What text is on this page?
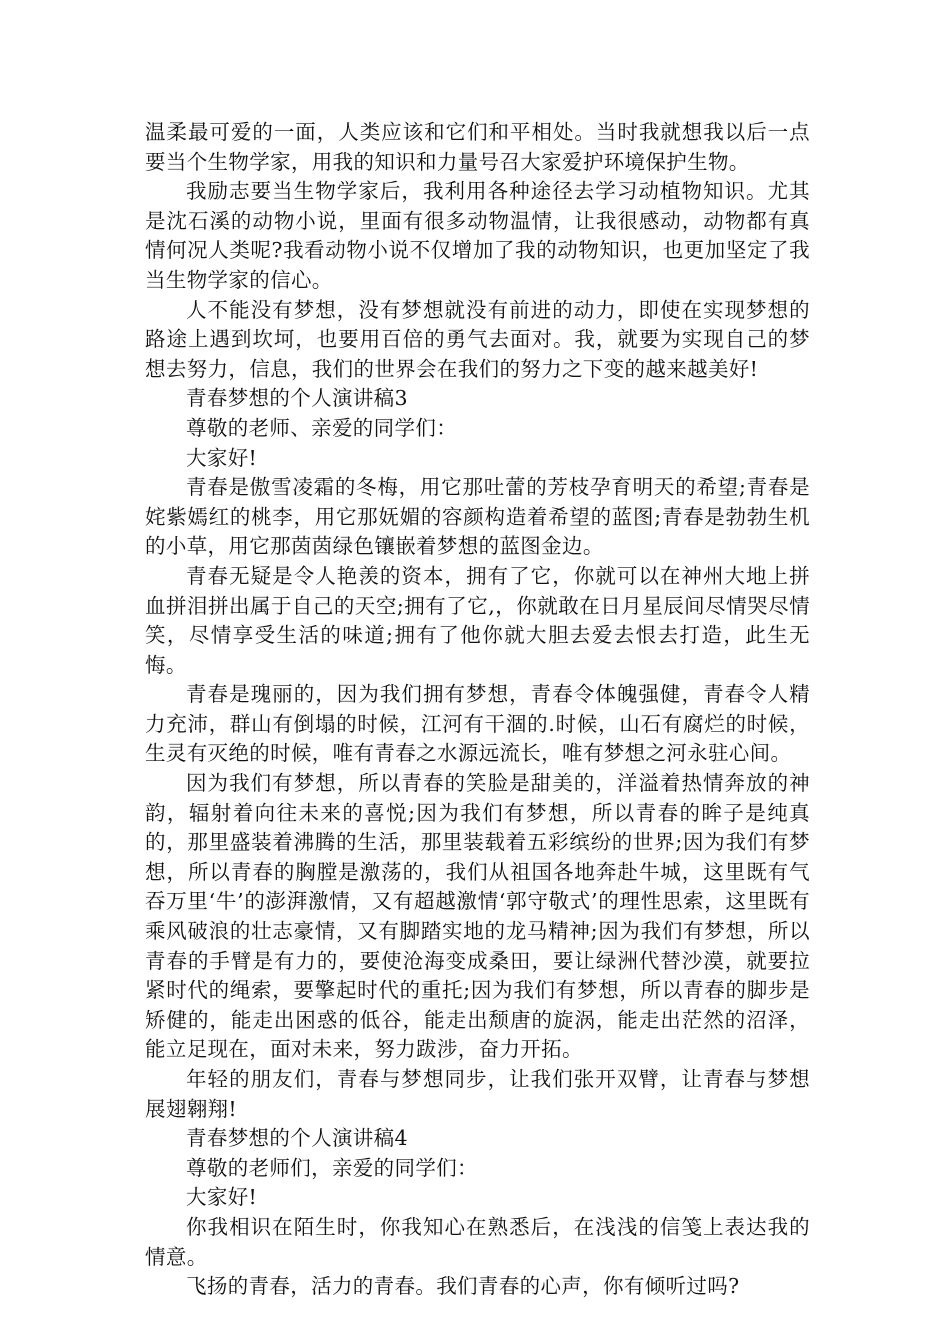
温柔最可爱的一面，人类应该和它们和平相处。当时我就想我以后一点要当个生物学家，用我的知识和力量号召大家爱护环境保护生物。

我励志要当生物学家后，我利用各种途径去学习动植物知识。尤其是沈石溪的动物小说，里面有很多动物温情，让我很感动，动物都有真情何况人类呢?我看动物小说不仅增加了我的动物知识，也更加坚定了我当生物学家的信心。

人不能没有梦想，没有梦想就没有前进的动力，即使在实现梦想的路途上遇到坎坷，也要用百倍的勇气去面对。我，就要为实现自己的梦想去努力，信息，我们的世界会在我们的努力之下变的越来越美好!

青春梦想的个人演讲稿3

尊敬的老师、亲爱的同学们：

大家好!

青春是傲雪凌霜的冬梅，用它那吐蕾的芳枝孕育明天的希望;青春是姹紫嫣红的桃李，用它那妩媚的容颜构造着希望的蓝图;青春是勃勃生机的小草，用它那茵茵绿色镶嵌着梦想的蓝图金边。

青春无疑是令人艳羡的资本，拥有了它，你就可以在神州大地上拼血拼泪拼出属于自己的天空;拥有了它,，你就敢在日月星辰间尽情哭尽情笑，尽情享受生活的味道;拥有了他你就大胆去爱去恨去打造，此生无悔。

青春是瑰丽的，因为我们拥有梦想，青春令体魄强健，青春令人精力充沛，群山有倒塌的时候，江河有干涸的.时候，山石有腐烂的时候，生灵有灭绝的时候，唯有青春之水源远流长，唯有梦想之河永驻心间。

因为我们有梦想，所以青春的笑脸是甜美的，洋溢着热情奔放的神韵，辐射着向往未来的喜悦;因为我们有梦想，所以青春的眸子是纯真的，那里盛装着沸腾的生活，那里装载着五彩缤纷的世界;因为我们有梦想，所以青春的胸膛是激荡的，我们从祖国各地奔赴牛城，这里既有气吞万里‘牛’的澎湃激情，又有超越激情‘郭守敬式’的理性思索，这里既有乘风破浪的壮志豪情，又有脚踏实地的龙马精神;因为我们有梦想，所以青春的手臂是有力的，要使沧海变成桑田，要让绿洲代替沙漠，就要拉紧时代的绳索，要擎起时代的重托;因为我们有梦想，所以青春的脚步是矫健的，能走出困惑的低谷，能走出颓唐的旋涡，能走出茫然的沼泽，能立足现在，面对未来，努力跋涉，奋力开拓。

年轻的朋友们，青春与梦想同步，让我们张开双臂，让青春与梦想展翅翱翔!

青春梦想的个人演讲稿4

尊敬的老师们，亲爱的同学们：

大家好!

你我相识在陌生时，你我知心在熟悉后，在浅浅的信笺上表达我的情意。

飞扬的青春，活力的青春。我们青春的心声，你有倾听过吗?
